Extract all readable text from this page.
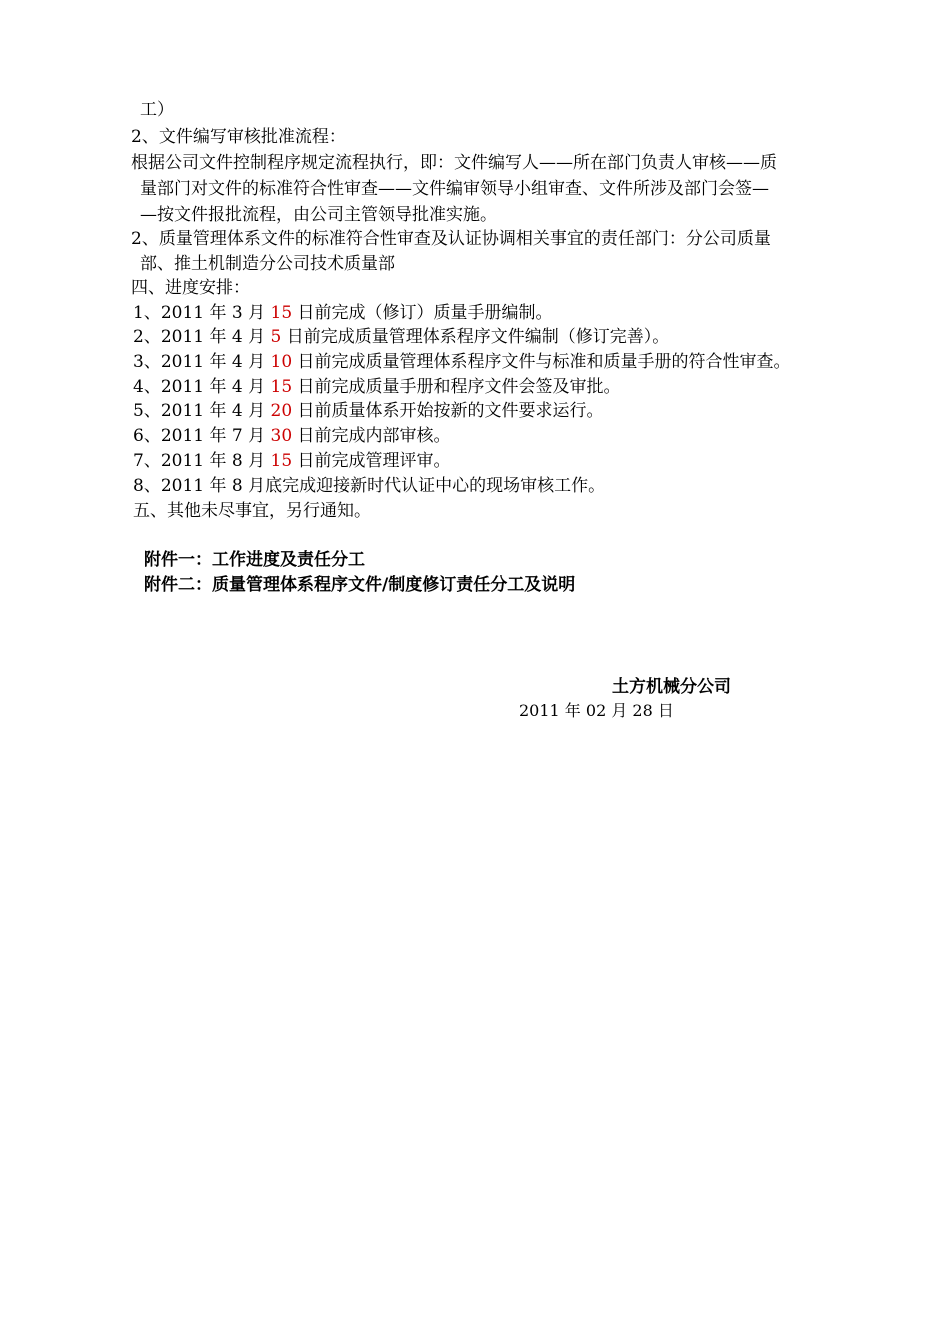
工）
2、文件编写审核批准流程：
根据公司文件控制程序规定流程执行，即：文件编写人——所在部门负责人审核——质
量部门对文件的标准符合性审查——文件编审领导小组审查、文件所涉及部门会签—
—按文件报批流程，由公司主管领导批准实施。
2、质量管理体系文件的标准符合性审查及认证协调相关事宜的责任部门：分公司质量
部、推土机制造分公司技术质量部
四、进度安排：
1、2011 年 3 月 15 日前完成（修订）质量手册编制。
2、2011 年 4 月 5 日前完成质量管理体系程序文件编制（修订完善）。
3、2011 年 4 月 10 日前完成质量管理体系程序文件与标准和质量手册的符合性审查。
4、2011 年 4 月 15 日前完成质量手册和程序文件会签及审批。
5、2011 年 4 月 20 日前质量体系开始按新的文件要求运行。
6、2011 年 7 月 30 日前完成内部审核。
7、2011 年 8 月 15 日前完成管理评审。
8、2011 年 8 月底完成迎接新时代认证中心的现场审核工作。
五、其他未尽事宜，另行通知。
附件一：工作进度及责任分工
附件二：质量管理体系程序文件/制度修订责任分工及说明
土方机械分公司
2011 年 02 月 28 日
